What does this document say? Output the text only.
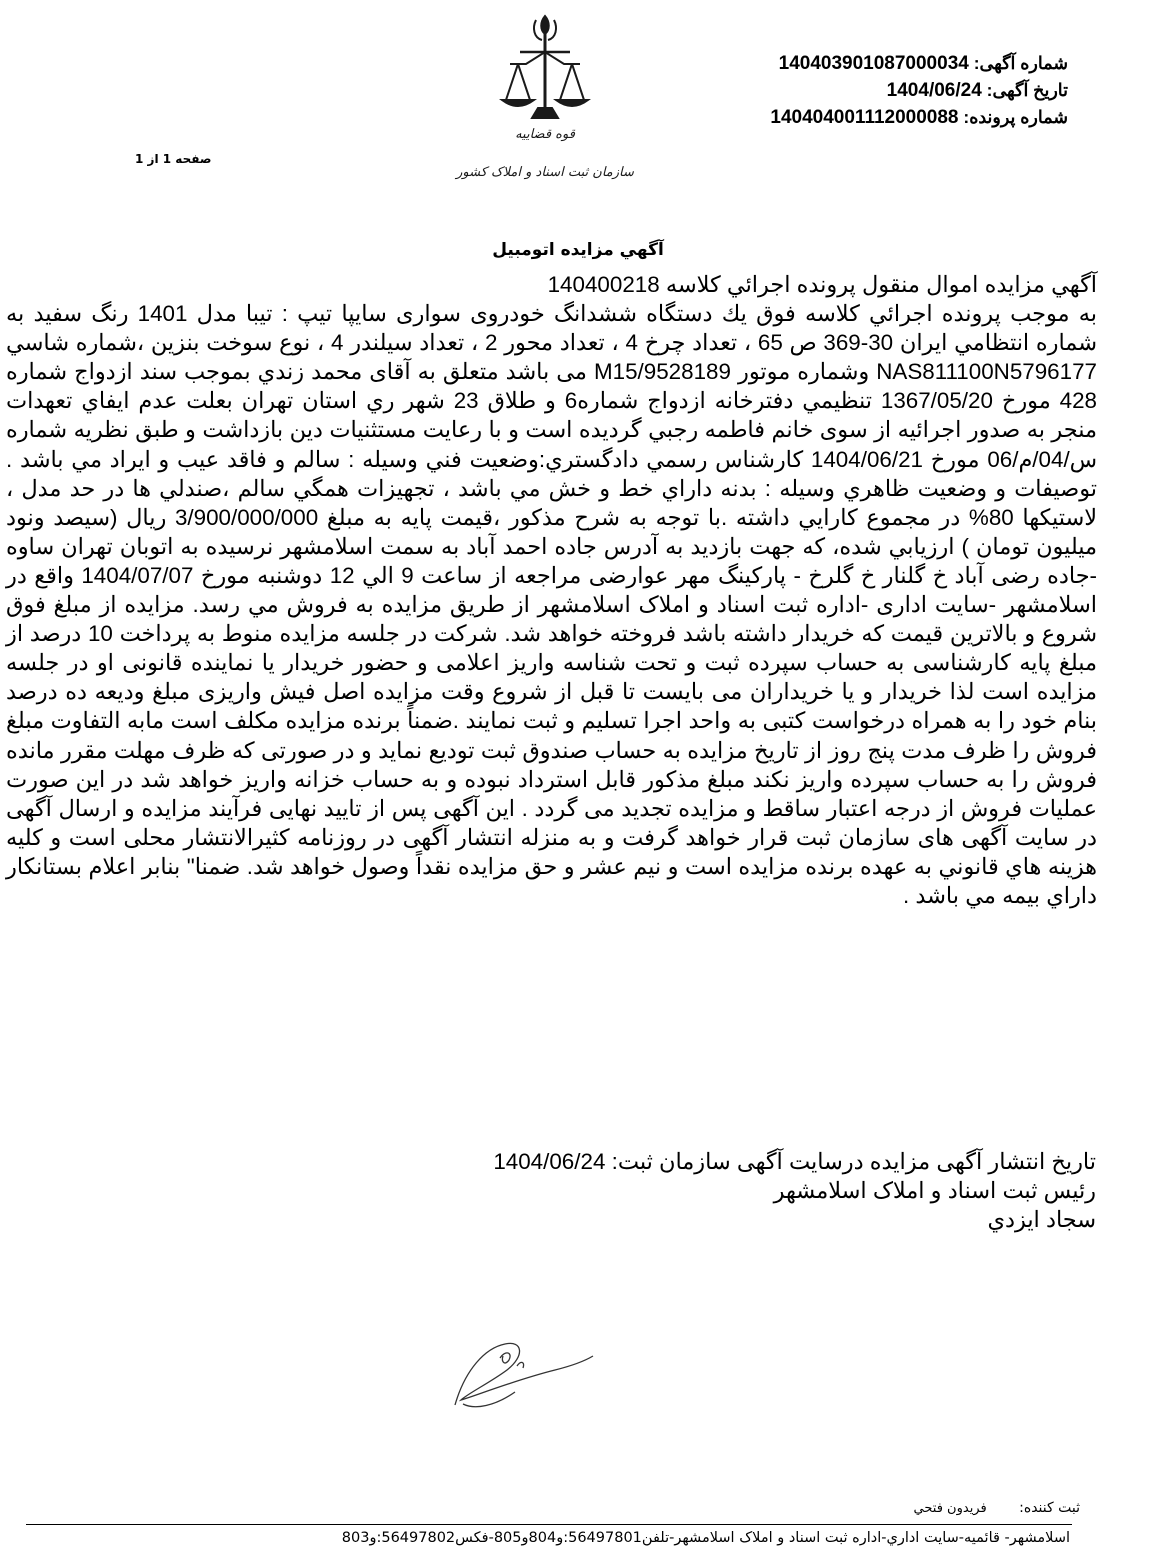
شماره آگهی: 14040390108700003‎4
تاریخ آگهی: 1404/06/24
شماره پرونده: 140404001112000088
صفحه 1 از 1
قوه قضاییه
سازمان ثبت اسناد و املاک کشور
آگهي مزايده اتومبيل

آگهي مزايده اموال منقول پرونده اجرائي كلاسه 140400218

به موجب پرونده اجرائي كلاسه فوق يك دستگاه ششدانگ خودروی سواری سایپا تیپ : تیبا مدل 1401 رنگ سفيد به شماره انتظامي ايران 30-369 ص 65 ، تعداد چرخ 4 ، تعداد محور 2 ، تعداد سیلندر 4 ، نوع سوخت بنزين ،شماره شاسي NAS811100N5796177 وشماره موتور M15/9528189 می باشد متعلق به آقای محمد زندي بموجب سند ازدواج شماره 428 مورخ 1367/05/20 تنظيمي دفترخانه ازدواج شماره6 و طلاق 23 شهر ري استان تهران بعلت عدم ايفاي تعهدات منجر به صدور اجرائيه از سوی خانم فاطمه رجبي گرديده است و با رعايت مستثنيات دين بازداشت و طبق نظريه شماره س/04/م/06 مورخ 1404/06/21 كارشناس رسمي دادگستري:وضعيت فني وسيله : سالم و فاقد عيب و ايراد مي باشد . توصيفات و وضعيت ظاهري وسيله : بدنه داراي خط و خش مي باشد ، تجهيزات همگي سالم ،صندلي ها در حد مدل ، لاستيكها 80% در مجموع كارايي داشته .با توجه به شرح مذكور ،قيمت پايه به مبلغ 3/900/000/000 ريال (سيصد ونود ميليون تومان ) ارزيابي شده، كه جهت بازديد به آدرس جاده احمد آباد به سمت اسلامشهر نرسيده به اتوبان تهران ساوه -جاده رضی آباد خ گلنار خ گلرخ - پاركينگ مهر عوارضی مراجعه از ساعت 9 الي 12 دوشنبه مورخ 1404/07/07 واقع در اسلامشهر -سايت اداری -اداره ثبت اسناد و املاک اسلامشهر از طريق مزايده به فروش مي رسد. مزايده از مبلغ فوق شروع و بالاترين قيمت كه خريدار داشته باشد فروخته خواهد شد. شرکت در جلسه مزايده منوط به پرداخت 10 درصد از مبلغ پايه کارشناسی به حساب سپرده ثبت و تحت شناسه واريز اعلامی و حضور خريدار يا نماينده قانونی او در جلسه مزايده است لذا خريدار و يا خريداران می بايست تا قبل از شروع وقت مزايده اصل فيش واريزی مبلغ وديعه ده درصد بنام خود را به همراه درخواست کتبی به واحد اجرا تسليم و ثبت نمايند .ضمناً برنده مزايده مکلف است مابه التفاوت مبلغ فروش را ظرف مدت پنج روز از تاريخ مزايده به حساب صندوق ثبت توديع نمايد و در صورتی که ظرف مهلت مقرر مانده فروش را به حساب سپرده واريز نکند مبلغ مذکور قابل استرداد نبوده و به حساب خزانه واريز خواهد شد در اين صورت عمليات فروش از درجه اعتبار ساقط و مزايده تجديد می گردد . اين آگهی پس از تاييد نهايی فرآيند مزايده و ارسال آگهی در سايت آگهی های سازمان ثبت قرار خواهد گرفت و به منزله انتشار آگهی در روزنامه کثيرالانتشار محلی است و کليه هزينه هاي قانوني به عهده برنده مزايده است و نيم عشر و حق مزايده نقداً وصول خواهد شد. ضمنا" بنابر اعلام بستانكار داراي بيمه مي باشد .

تاريخ انتشار آگهی مزايده درسايت آگهی سازمان ثبت: 1404/06/24
رئيس ثبت اسناد و املاک اسلامشهر
سجاد ايزدي
ثبت کننده: فريدون فتحي
اسلامشهر- قائميه-سايت اداري-اداره ثبت اسناد و املاک اسلامشهر-تلفن56497801:و804و805-فکس56497802:و803
